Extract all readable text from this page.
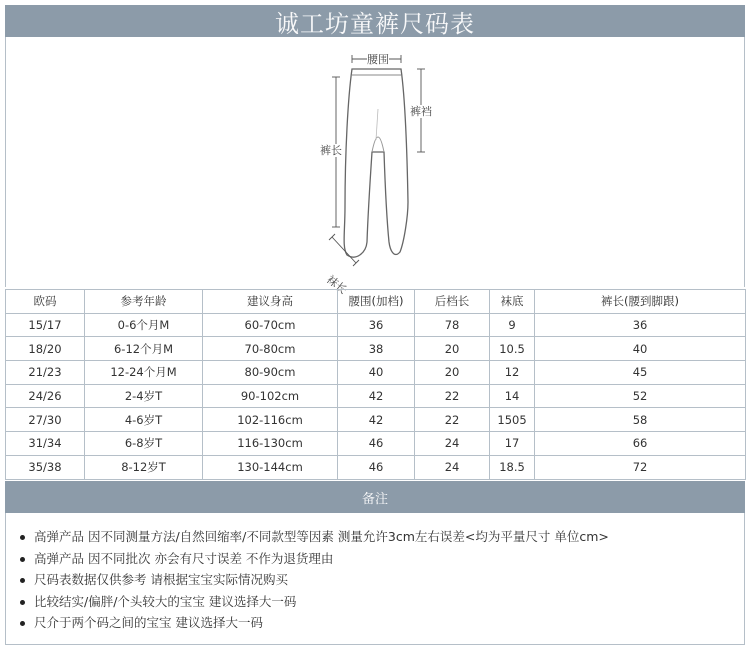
诚工坊童裤尺码表
腰围
裤裆
裤长
袜长
欧码	参考年龄	建议身高	腰围(加档)	后档长	袜底	裤长(腰到脚跟)
15/17	0-6个月M	60-70cm	36	78	9	36
18/20	6-12个月M	70-80cm	38	20	10.5	40
21/23	12-24个月M	80-90cm	40	20	12	45
24/26	2-4岁T	90-102cm	42	22	14	52
27/30	4-6岁T	102-116cm	42	22	1505	58
31/34	6-8岁T	116-130cm	46	24	17	66
35/38	8-12岁T	130-144cm	46	24	18.5	72
备注
高弹产品 因不同测量方法/自然回缩率/不同款型等因素 测量允许3cm左右误差<均为平量尺寸 单位cm>
高弹产品 因不同批次 亦会有尺寸误差 不作为退货理由
尺码表数据仅供参考 请根据宝宝实际情况购买
比较结实/偏胖/个头较大的宝宝 建议选择大一码
尺介于两个码之间的宝宝 建议选择大一码
